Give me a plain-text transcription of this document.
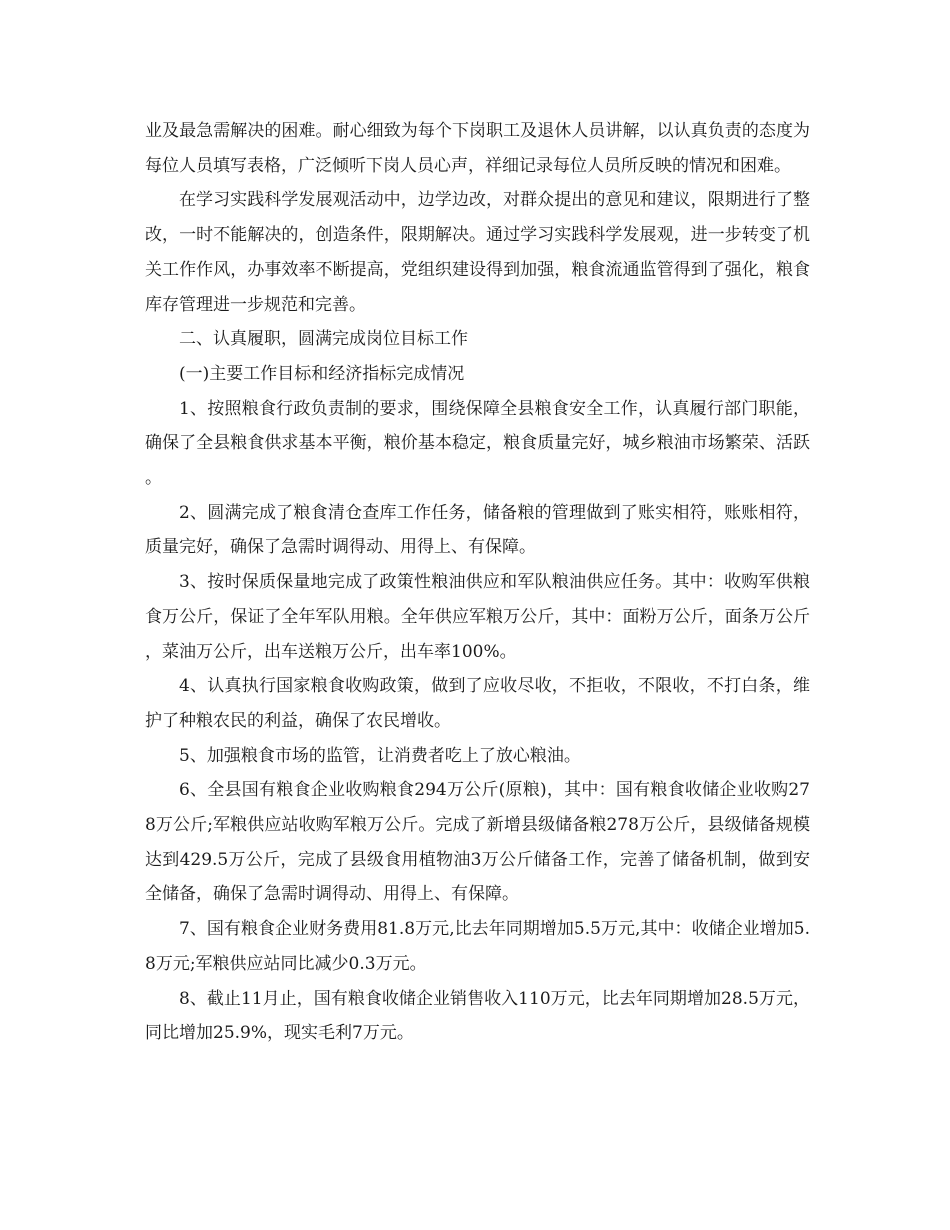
业及最急需解决的困难。耐心细致为每个下岗职工及退休人员讲解，以认真负责的态度为每位人员填写表格，广泛倾听下岗人员心声，祥细记录每位人员所反映的情况和困难。

在学习实践科学发展观活动中，边学边改，对群众提出的意见和建议，限期进行了整改，一时不能解决的，创造条件，限期解决。通过学习实践科学发展观，进一步转变了机关工作作风，办事效率不断提高，党组织建设得到加强，粮食流通监管得到了强化，粮食库存管理进一步规范和完善。

二、认真履职，圆满完成岗位目标工作

(一)主要工作目标和经济指标完成情况

1、按照粮食行政负责制的要求，围绕保障全县粮食安全工作，认真履行部门职能，确保了全县粮食供求基本平衡，粮价基本稳定，粮食质量完好，城乡粮油市场繁荣、活跃。

2、圆满完成了粮食清仓查库工作任务，储备粮的管理做到了账实相符，账账相符，质量完好，确保了急需时调得动、用得上、有保障。

3、按时保质保量地完成了政策性粮油供应和军队粮油供应任务。其中：收购军供粮食万公斤，保证了全年军队用粮。全年供应军粮万公斤，其中：面粉万公斤，面条万公斤，菜油万公斤，出车送粮万公斤，出车率100%。

4、认真执行国家粮食收购政策，做到了应收尽收，不拒收，不限收，不打白条，维护了种粮农民的利益，确保了农民增收。

5、加强粮食市场的监管，让消费者吃上了放心粮油。

6、全县国有粮食企业收购粮食294万公斤(原粮)，其中：国有粮食收储企业收购278万公斤;军粮供应站收购军粮万公斤。完成了新增县级储备粮278万公斤，县级储备规模达到429.5万公斤，完成了县级食用植物油3万公斤储备工作，完善了储备机制，做到安全储备，确保了急需时调得动、用得上、有保障。

7、国有粮食企业财务费用81.8万元,比去年同期增加5.5万元,其中：收储企业增加5.8万元;军粮供应站同比减少0.3万元。

8、截止11月止，国有粮食收储企业销售收入110万元，比去年同期增加28.5万元，同比增加25.9%，现实毛利7万元。
